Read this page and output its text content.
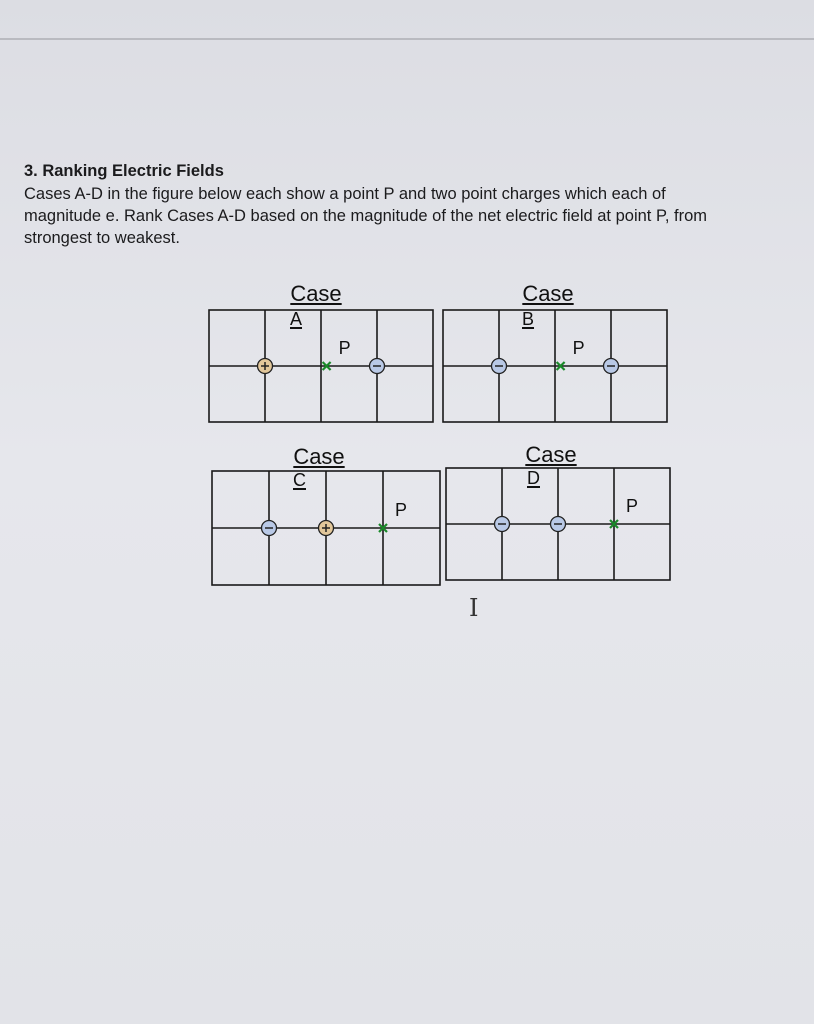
3. Ranking Electric Fields
Cases A-D in the figure below each show a point P and two point charges which each of
magnitude e. Rank Cases A-D based on the magnitude of the net electric field at point P, from
strongest to weakest.
Case	Case
Case	Case
P	P
P	P
A	B
C	D
I
